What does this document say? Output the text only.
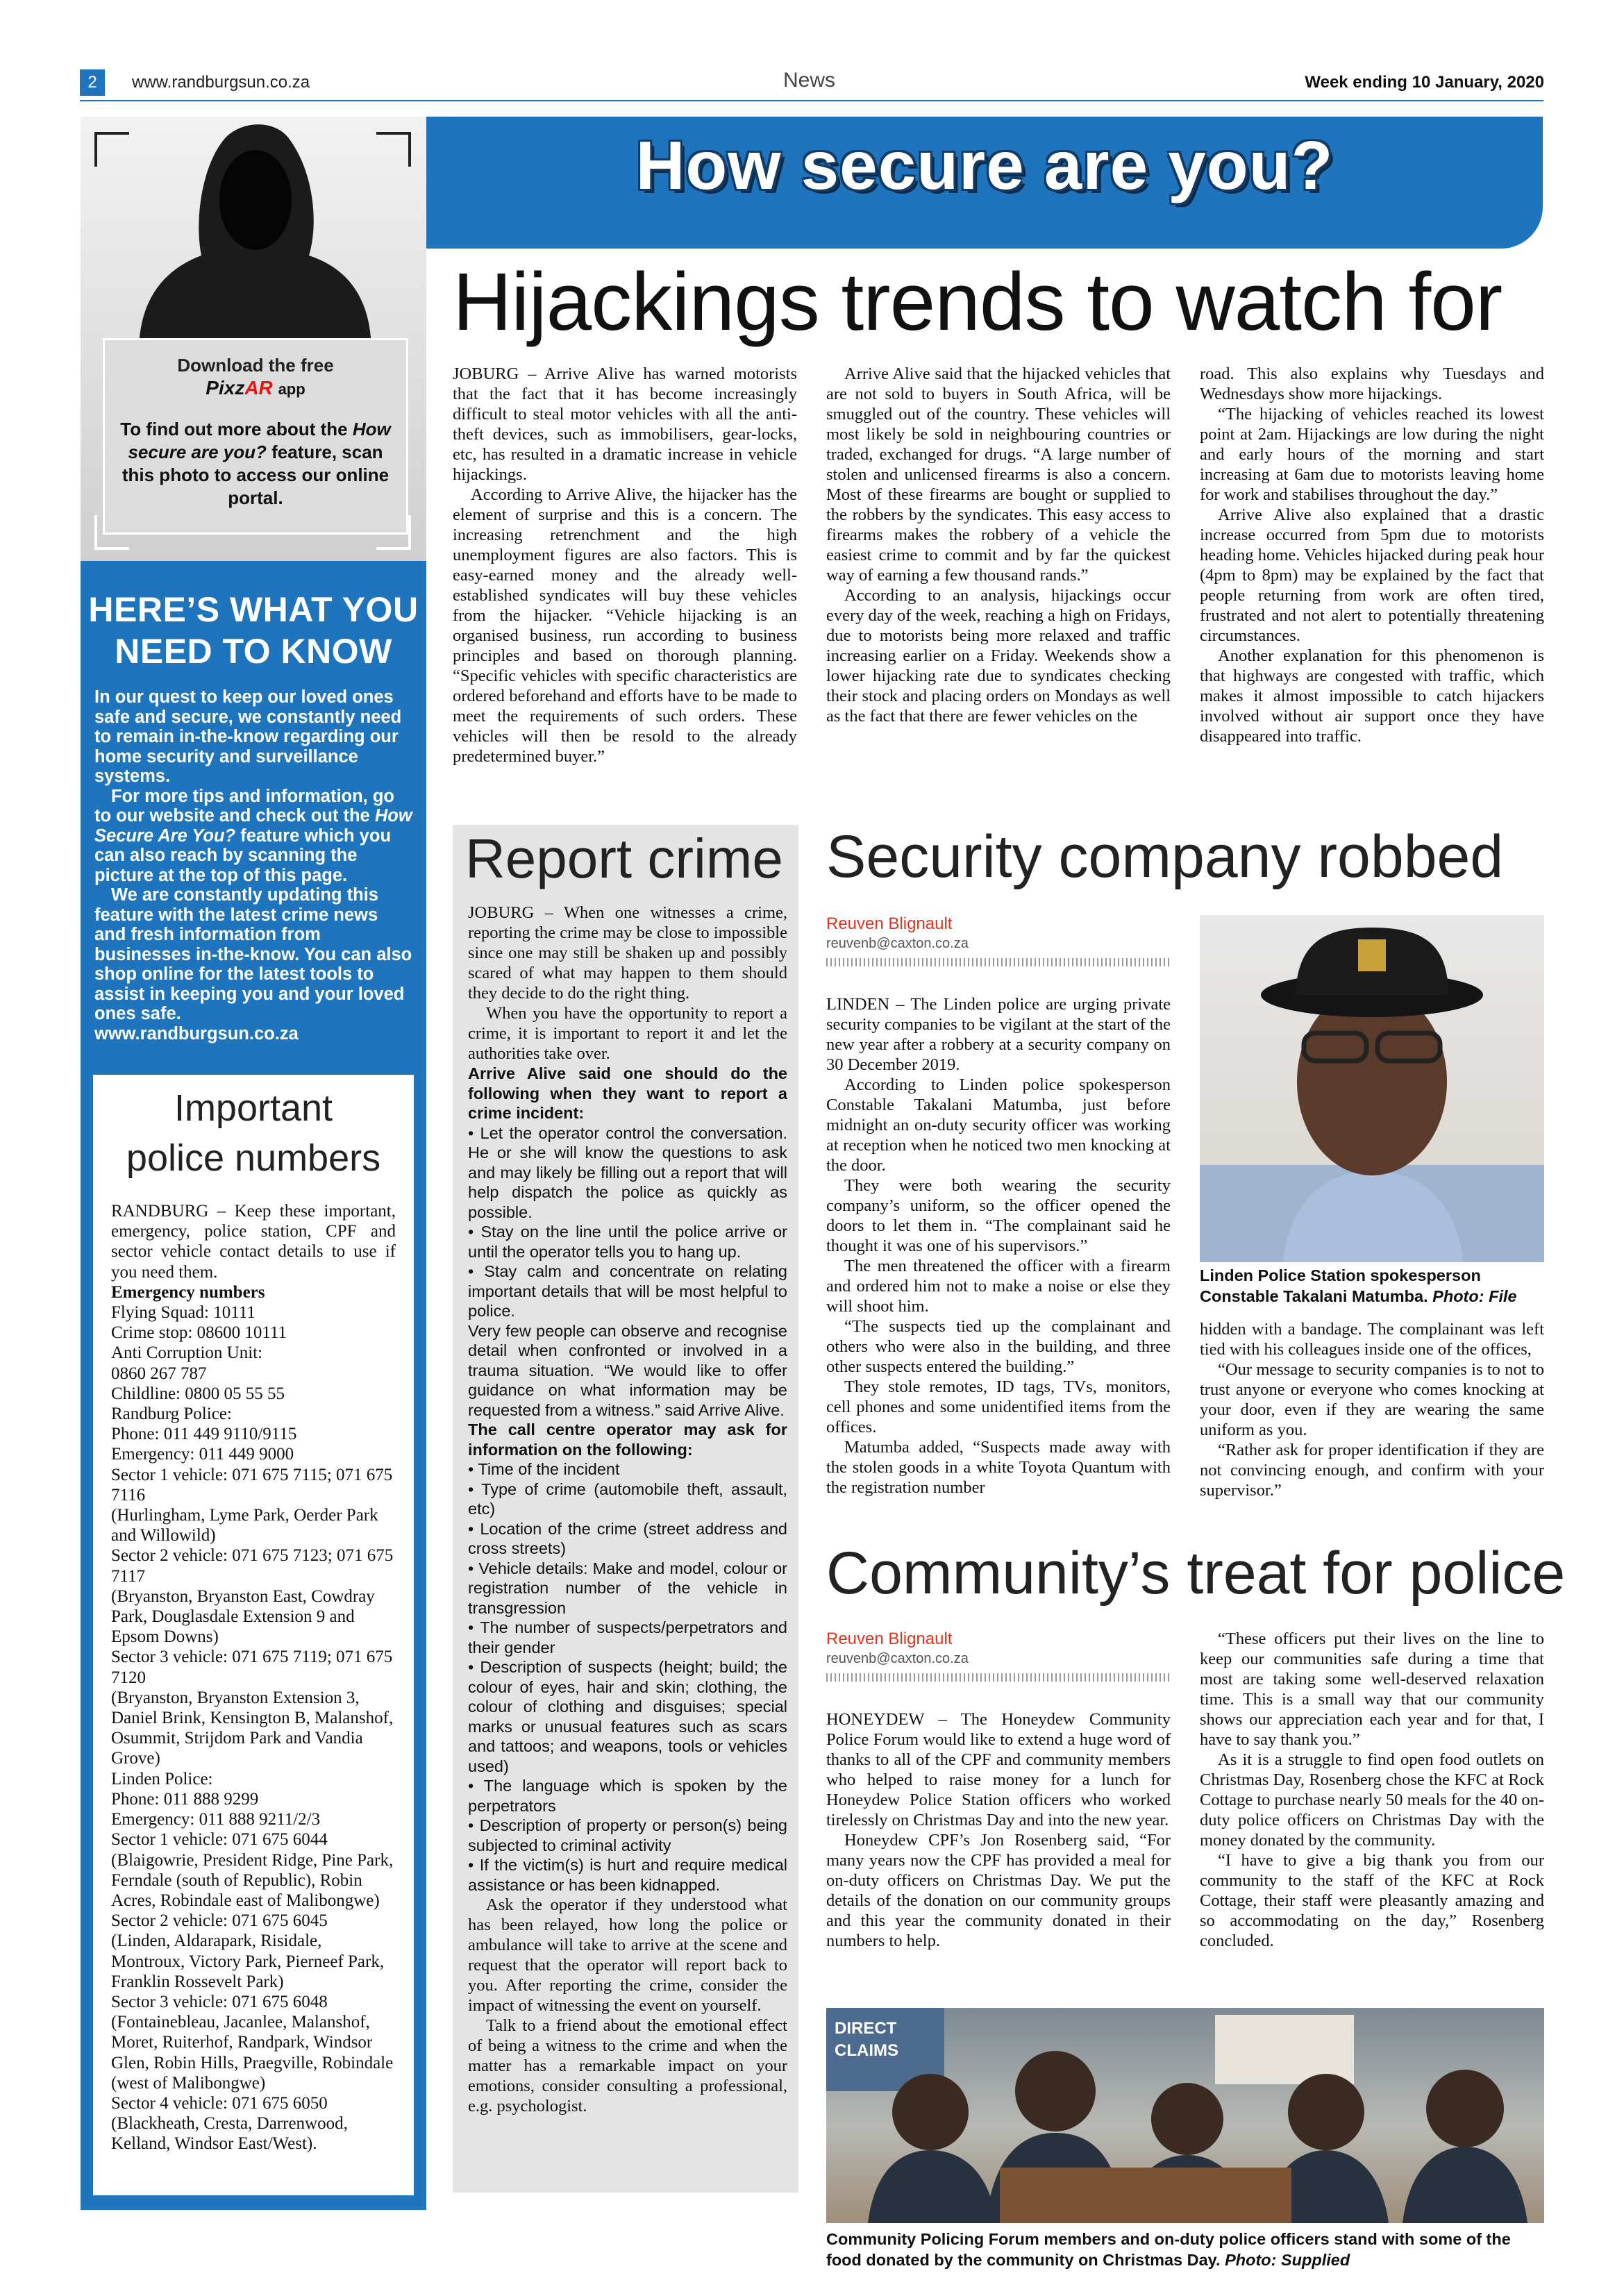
2	www.randburgsun.co.za	News	Week ending 10 January, 2020
Download the free
PixzAR app
To find out more about the How secure are you? feature, scan this photo to access our online portal.
HERE’S WHAT YOU
NEED TO KNOW

In our quest to keep our loved ones safe and secure, we constantly need to remain in-the-know regarding our home security and surveillance systems.

For more tips and information, go to our website and check out the How Secure Are You? feature which you can also reach by scanning the picture at the top of this page.

We are constantly updating this feature with the latest crime news and fresh information from businesses in-the-know. You can also shop online for the latest tools to assist in keeping you and your loved ones safe.

www.randburgsun.co.za

Important
police numbers
RANDBURG – Keep these important, emergency, police station, CPF and sector vehicle contact details to use if you need them.
Emergency numbers
Flying Squad: 10111
Crime stop: 08600 10111
Anti Corruption Unit:
0860 267 787
Childline: 0800 05 55 55
Randburg Police:
Phone: 011 449 9110/9115
Emergency: 011 449 9000
Sector 1 vehicle: 071 675 7115; 071 675 7116
(Hurlingham, Lyme Park, Oerder Park and Willowild)
Sector 2 vehicle: 071 675 7123; 071 675 7117
(Bryanston, Bryanston East, Cowdray Park, Douglasdale Extension 9 and Epsom Downs)
Sector 3 vehicle: 071 675 7119; 071 675 7120
(Bryanston, Bryanston Extension 3, Daniel Brink, Kensington B, Malanshof, Osummit, Strijdom Park and Vandia Grove)
Linden Police:
Phone: 011 888 9299
Emergency: 011 888 9211/2/3
Sector 1 vehicle: 071 675 6044
(Blaigowrie, President Ridge, Pine Park, Ferndale (south of Republic), Robin Acres, Robindale east of Malibongwe)
Sector 2 vehicle: 071 675 6045
(Linden, Aldarapark, Risidale, Montroux, Victory Park, Pierneef Park, Franklin Rossevelt Park)
Sector 3 vehicle: 071 675 6048
(Fontainebleau, Jacanlee, Malanshof, Moret, Ruiterhof, Randpark, Windsor Glen, Robin Hills, Praegville, Robindale (west of Malibongwe)
Sector 4 vehicle: 071 675 6050
(Blackheath, Cresta, Darrenwood, Kelland, Windsor East/West).
How secure are you?
Hijackings trends to watch for

JOBURG – Arrive Alive has warned motorists that the fact that it has become increasingly difficult to steal motor vehicles with all the anti-theft devices, such as immobilisers, gear-locks, etc, has resulted in a dramatic increase in vehicle hijackings.

According to Arrive Alive, the hijacker has the element of surprise and this is a concern. The increasing retrenchment and the high unemployment figures are also factors. This is easy-earned money and the already well-established syndicates will buy these vehicles from the hijacker. “Vehicle hijacking is an organised business, run according to business principles and based on thorough planning. “Specific vehicles with specific characteristics are ordered beforehand and efforts have to be made to meet the requirements of such orders. These vehicles will then be resold to the already predetermined buyer.”

Arrive Alive said that the hijacked vehicles that are not sold to buyers in South Africa, will be smuggled out of the country. These vehicles will most likely be sold in neighbouring countries or traded, exchanged for drugs. “A large number of stolen and unlicensed firearms is also a concern. Most of these firearms are bought or supplied to the robbers by the syndicates. This easy access to firearms makes the robbery of a vehicle the easiest crime to commit and by far the quickest way of earning a few thousand rands.”

According to an analysis, hijackings occur every day of the week, reaching a high on Fridays, due to motorists being more relaxed and traffic increasing earlier on a Friday. Weekends show a lower hijacking rate due to syndicates checking their stock and placing orders on Mondays as well as the fact that there are fewer vehicles on the

road. This also explains why Tuesdays and Wednesdays show more hijackings.

“The hijacking of vehicles reached its lowest point at 2am. Hijackings are low during the night and early hours of the morning and start increasing at 6am due to motorists leaving home for work and stabilises throughout the day.”

Arrive Alive also explained that a drastic increase occurred from 5pm due to motorists heading home. Vehicles hijacked during peak hour (4pm to 8pm) may be explained by the fact that people returning from work are often tired, frustrated and not alert to potentially threatening circumstances.

Another explanation for this phenomenon is that highways are congested with traffic, which makes it almost impossible to catch hijackers involved without air support once they have disappeared into traffic.

Report crime

JOBURG – When one witnesses a crime, reporting the crime may be close to impossible since one may still be shaken up and possibly scared of what may happen to them should they decide to do the right thing.

When you have the opportunity to report a crime, it is important to report it and let the authorities take over.

Arrive Alive said one should do the following when they want to report a crime incident:

• Let the operator control the conversation. He or she will know the questions to ask and may likely be filling out a report that will help dispatch the police as quickly as possible.

• Stay on the line until the police arrive or until the operator tells you to hang up.

• Stay calm and concentrate on relating important details that will be most helpful to police.

Very few people can observe and recognise detail when confronted or involved in a trauma situation. “We would like to offer guidance on what information may be requested from a witness.” said Arrive Alive.

The call centre operator may ask for information on the following:

• Time of the incident

• Type of crime (automobile theft, assault, etc)

• Location of the crime (street address and cross streets)

• Vehicle details: Make and model, colour or registration number of the vehicle in transgression

• The number of suspects/perpetrators and their gender

• Description of suspects (height; build; the colour of eyes, hair and skin; clothing, the colour of clothing and disguises; special marks or unusual features such as scars and tattoos; and weapons, tools or vehicles used)

• The language which is spoken by the perpetrators

• Description of property or person(s) being subjected to criminal activity

• If the victim(s) is hurt and require medical assistance or has been kidnapped.

Ask the operator if they understood what has been relayed, how long the police or ambulance will take to arrive at the scene and request that the operator will report back to you. After reporting the crime, consider the impact of witnessing the event on yourself.

Talk to a friend about the emotional effect of being a witness to the crime and when the matter has a remarkable impact on your emotions, consider consulting a professional, e.g. psychologist.

Security company robbed
Reuven Blignault
reuvenb@caxton.co.za

LINDEN – The Linden police are urging private security companies to be vigilant at the start of the new year after a robbery at a security company on 30 December 2019.

According to Linden police spokesperson Constable Takalani Matumba, just before midnight an on-duty security officer was working at reception when he noticed two men knocking at the door.

They were both wearing the security company’s uniform, so the officer opened the doors to let them in. “The complainant said he thought it was one of his supervisors.”

The men threatened the officer with a firearm and ordered him not to make a noise or else they will shoot him.

“The suspects tied up the complainant and others who were also in the building, and three other suspects entered the building.”

They stole remotes, ID tags, TVs, monitors, cell phones and some unidentified items from the offices.

Matumba added, “Suspects made away with the stolen goods in a white Toyota Quantum with the registration number

Linden Police Station spokesperson Constable Takalani Matumba. Photo: File

hidden with a bandage. The complainant was left tied with his colleagues inside one of the offices,

“Our message to security companies is to not to trust anyone or everyone who comes knocking at your door, even if they are wearing the same uniform as you.

“Rather ask for proper identification if they are not convincing enough, and confirm with your supervisor.”

Community’s treat for police
Reuven Blignault
reuvenb@caxton.co.za

HONEYDEW – The Honeydew Community Police Forum would like to extend a huge word of thanks to all of the CPF and community members who helped to raise money for a lunch for Honeydew Police Station officers who worked tirelessly on Christmas Day and into the new year.

Honeydew CPF’s Jon Rosenberg said, “For many years now the CPF has provided a meal for on-duty officers on Christmas Day. We put the details of the donation on our community groups and this year the community donated in their numbers to help.

“These officers put their lives on the line to keep our communities safe during a time that most are taking some well-deserved relaxation time. This is a small way that our community shows our appreciation each year and for that, I have to say thank you.”

As it is a struggle to find open food outlets on Christmas Day, Rosenberg chose the KFC at Rock Cottage to purchase nearly 50 meals for the 40 on-duty police officers on Christmas Day with the money donated by the community.

“I have to give a big thank you from our community to the staff of the KFC at Rock Cottage, their staff were pleasantly amazing and so accommodating on the day,” Rosenberg concluded.

DIRECT CLAIMS
Community Policing Forum members and on-duty police officers stand with some of the food donated by the community on Christmas Day. Photo: Supplied
